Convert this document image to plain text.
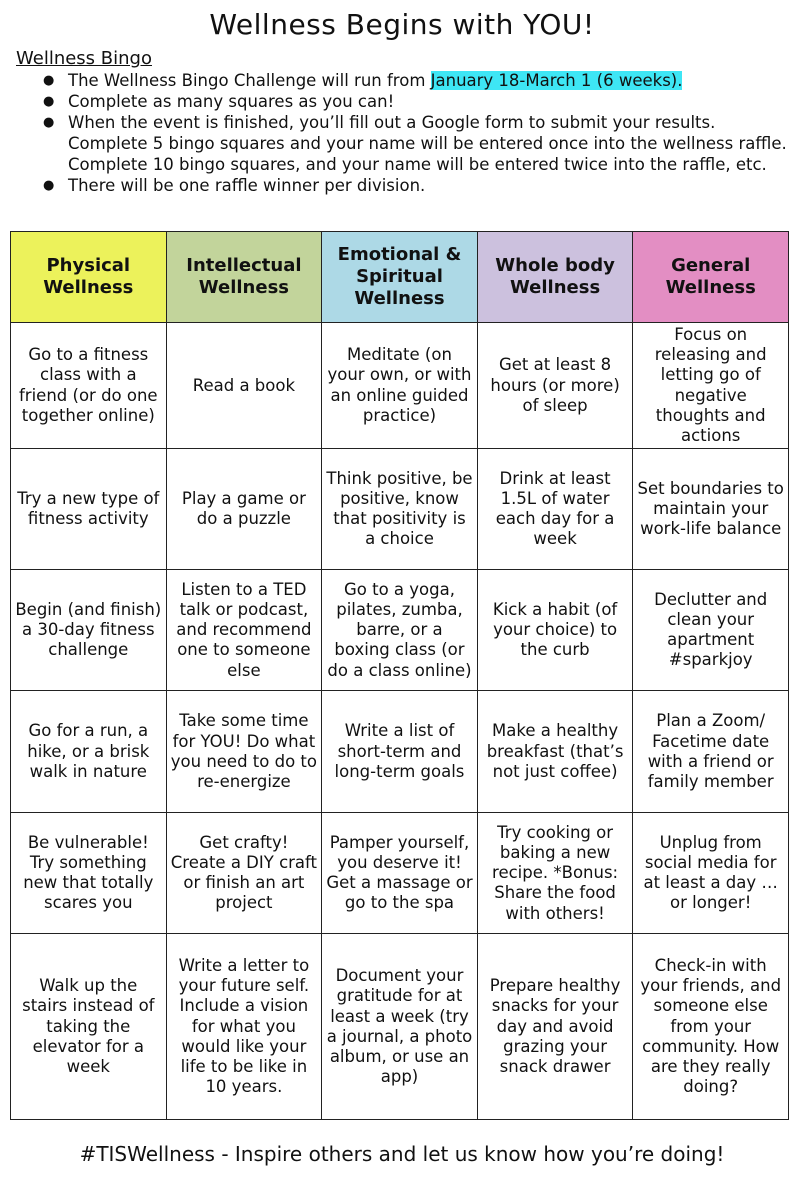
Wellness Begins with YOU!
Wellness Bingo
● The Wellness Bingo Challenge will run from January 18-March 1 (6 weeks).
● Complete as many squares as you can!
● When the event is finished, you’ll fill out a Google form to submit your results. Complete 5 bingo squares and your name will be entered once into the wellness raffle. Complete 10 bingo squares, and your name will be entered twice into the raffle, etc.
● There will be one raffle winner per division.
Physical Wellness	Intellectual Wellness	Emotional & Spiritual Wellness	Whole body Wellness	General Wellness
Go to a fitness class with a friend (or do one together online)	Read a book	Meditate (on your own, or with an online guided practice)	Get at least 8 hours (or more) of sleep	Focus on releasing and letting go of negative thoughts and actions
Try a new type of fitness activity	Play a game or do a puzzle	Think positive, be positive, know that positivity is a choice	Drink at least 1.5L of water each day for a week	Set boundaries to maintain your work-life balance
Begin (and finish) a 30-day fitness challenge	Listen to a TED talk or podcast, and recommend one to someone else	Go to a yoga, pilates, zumba, barre, or a boxing class (or do a class online)	Kick a habit (of your choice) to the curb	Declutter and clean your apartment #sparkjoy
Go for a run, a hike, or a brisk walk in nature	Take some time for YOU! Do what you need to do to re-energize	Write a list of short-term and long-term goals	Make a healthy breakfast (that’s not just coffee)	Plan a Zoom/ Facetime date with a friend or family member
Be vulnerable! Try something new that totally scares you	Get crafty! Create a DIY craft or finish an art project	Pamper yourself, you deserve it! Get a massage or go to the spa	Try cooking or baking a new recipe. *Bonus: Share the food with others!	Unplug from social media for at least a day …or longer!
Walk up the stairs instead of taking the elevator for a week	Write a letter to your future self. Include a vision for what you would like your life to be like in 10 years.	Document your gratitude for at least a week (try a journal, a photo album, or use an app)	Prepare healthy snacks for your day and avoid grazing your snack drawer	Check-in with your friends, and someone else from your community. How are they really doing?
#TISWellness - Inspire others and let us know how you’re doing!
